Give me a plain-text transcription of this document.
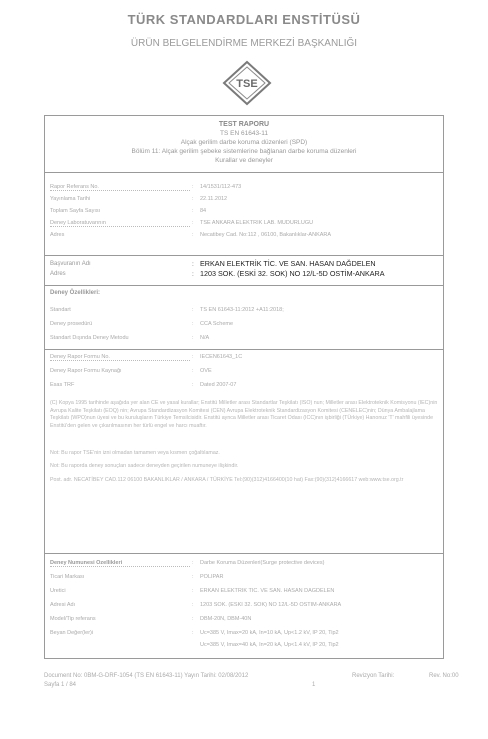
TÜRK STANDARDLARI ENSTİTÜSÜ
ÜRÜN BELGELENDİRME MERKEZİ BAŞKANLIĞI
TSE
TEST RAPORU
TS EN 61643-11
Alçak gerilim darbe koruma düzenleri (SPD)
Bölüm 11: Alçak gerilim şebeke sistemlerine bağlanan darbe koruma düzenleri
Kurallar ve deneyler
Rapor Referans No.	: 14/1531/112-473
Yayınlama Tarihi	: 22.11.2012
Toplam Sayfa Sayısı	: 84
Deney Laboratuvarının	: TSE ANKARA ELEKTRİK LAB. MÜDÜRLÜĞÜ
Adres	: Necatibey Cad. No:112 , 06100, Bakanlıklar-ANKARA
Başvuranın Adı	: ERKAN ELEKTRİK TİC. VE SAN. HASAN DAĞDELEN
Adres	: 1203 SOK. (ESKİ 32. SOK) NO 12/L-5D OSTİM-ANKARA
Deney Özellikleri:
Standart	: TS EN 61643-11:2012 +A11:2018;
Deney prosedürü	: CCA Scheme
Standart Dışında Deney Metodu	: N/A
Deney Rapor Formu No.	: IECEN61643_1C
Deney Rapor Formu Kaynağı	: OVE
Esas TRF	: Dated 2007-07
(C) Kopya 1995 tarihinde aşağıda yer alan CE ve yasal kurallar; Enstitü Milletler arası Standartlar Teşkilatı (ISO) nun; Milletler arası Elektroteknik Komisyonu (IEC)nin Avrupa Kalite Teşkilatı (EOQ) nin; Avrupa Standardizasyon Komitesi (CEN) Avrupa Elektroteknik Standardizasyon Komitesi (CENELEC)nin; Dünya Ambalajlama Teşkilatı (WPO)nun üyesi ve bu kuruluşların Türkiye Temsilcisidir. Enstitü aynca Milletler arası Ticaret Odası (ICC)nın işbirliği (TÜrkiye) Hanonuz 'T' mahfili üyesinde Enstitü'den gelen ve çıkarılmasının her türlü engel ve harcı muaftır.
Not: Bu rapor TSE'nin izni olmadan tamamen veya kısmen çoğaltılamaz.
Not: Bu raporda deney sonuçları sadece deneyden geçirilen numuneye ilişkindir.
Post. adr. NECATİBEY CAD.112 06100 BAKANLIKLAR / ANKARA / TÜRKİYE Tel:(90)(312)4166400(10 hat) Fax:(90)(312)4166617 web:www.tse.org.tr
Deney Numunesi Özellikleri	: Darbe Koruma Düzenleri(Surge protective devices)
Ticari Markası	: POLİPAR
Üretici	: ERKAN ELEKTRİK TİC. VE SAN. HASAN DAĞDELEN
Adresi Adı	: 1203 SOK. (ESKİ 32. SOK) NO 12/L-5D OSTİM-ANKARA
Model/Tip referans	: DBM-20N, DBM-40N
Beyan Değer(ler)i	: Uc=385 V, Imax=20 kA, In=10 kA, Up<1.2 kV, IP 20, Tip2
Uc=385 V, Imax=40 kA, In=20 kA, Up<1.4 kV, IP 20, Tip2
Document No: 0BM-G-DRF-1054 (TS EN 61643-11) Yayın Tarihi: 02/08/2012
Sayfa 1 / 84
Revizyon Tarihi:	Rev. No:00
1
